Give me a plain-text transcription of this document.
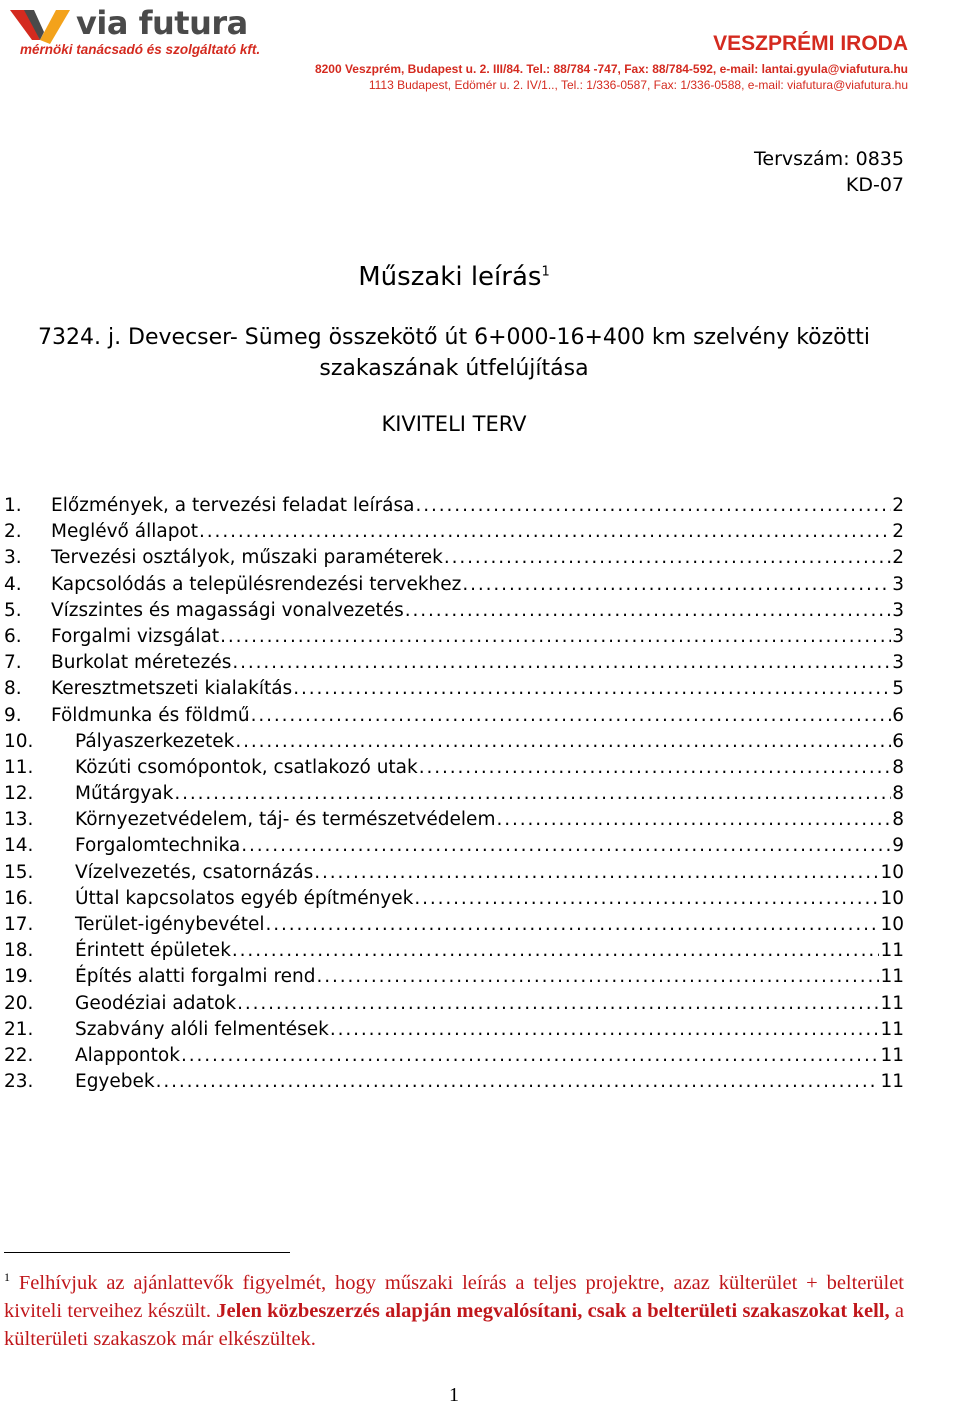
via futura
mérnöki tanácsadó és szolgáltató kft.	VESZPRÉMI IRODA
8200 Veszprém, Budapest u. 2. III/84. Tel.: 88/784 -747, Fax: 88/784-592, e-mail: lantai.gyula@viafutura.hu
1113 Budapest, Edömér u. 2. IV/1.., Tel.: 1/336-0587, Fax: 1/336-0588, e-mail: viafutura@viafutura.hu
Tervszám: 0835
KD-07
Műszaki leírás$^1$
7324. j. Devecser- Sümeg összekötő út 6+000-16+400 km szelvény közötti
szakaszának útfelújítása
KIVITELI TERV
1.	Előzmények, a tervezési feladat leírása . . .	2
2.	Meglévő állapot . . .	2
3.	Tervezési osztályok, műszaki paraméterek . . .	2
4.	Kapcsolódás a településrendezési tervekhez . . .	3
5.	Vízszintes és magassági vonalvezetés . . .	3
6.	Forgalmi vizsgálat . . .	3
7.	Burkolat méretezés . . .	3
8.	Keresztmetszeti kialakítás . . .	5
9.	Földmunka és földmű . . .	6
10.	Pályaszerkezetek . . .	6
11.	Közúti csomópontok, csatlakozó utak . . .	8
12.	Műtárgyak . . .	8
13.	Környezetvédelem, táj- és természetvédelem . . .	8
14.	Forgalomtechnika . . .	9
15.	Vízelvezetés, csatornázás . . .	10
16.	Úttal kapcsolatos egyéb építmények . . .	10
17.	Terület-igénybevétel . . .	10
18.	Érintett épületek . . .	11
19.	Építés alatti forgalmi rend . . .	11
20.	Geodéziai adatok . . .	11
21.	Szabvány alóli felmentések . . .	11
22.	Alappontok . . .	11
23.	Egyebek . . .	11
$^1$ Felhívjuk az ajánlattevők figyelmét, hogy műszaki leírás a teljes projektre, azaz külterület + belterület kiviteli terveihez készült. Jelen közbeszerzés alapján megvalósítani, csak a belterületi szakaszokat kell, a külterületi szakaszok már elkészültek.
1
